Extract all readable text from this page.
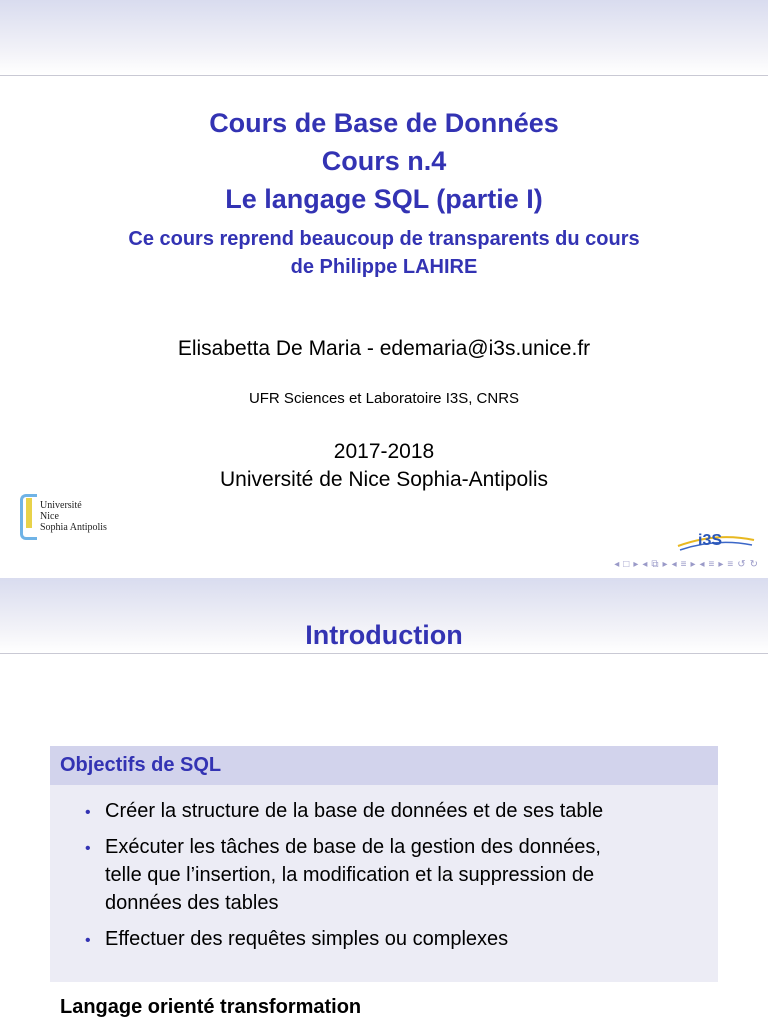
Cours de Base de Données
Cours n.4
Le langage SQL (partie I)
Ce cours reprend beaucoup de transparents du cours
de Philippe LAHIRE
Elisabetta De Maria - edemaria@i3s.unice.fr
UFR Sciences et Laboratoire I3S, CNRS
2017-2018
Université de Nice Sophia-Antipolis
Université
Nice
Sophia Antipolis
i3S
◂ □ ▸ ◂ ⧉ ▸ ◂ ≡ ▸ ◂ ≡ ▸ ≡ ↺ ↻
Introduction
Objectifs de SQL
• Créer la structure de la base de données et de ses table
• Exécuter les tâches de base de la gestion des données,
telle que l’insertion, la modification et la suppression de
données des tables
• Effectuer des requêtes simples ou complexes
Langage orienté transformation
